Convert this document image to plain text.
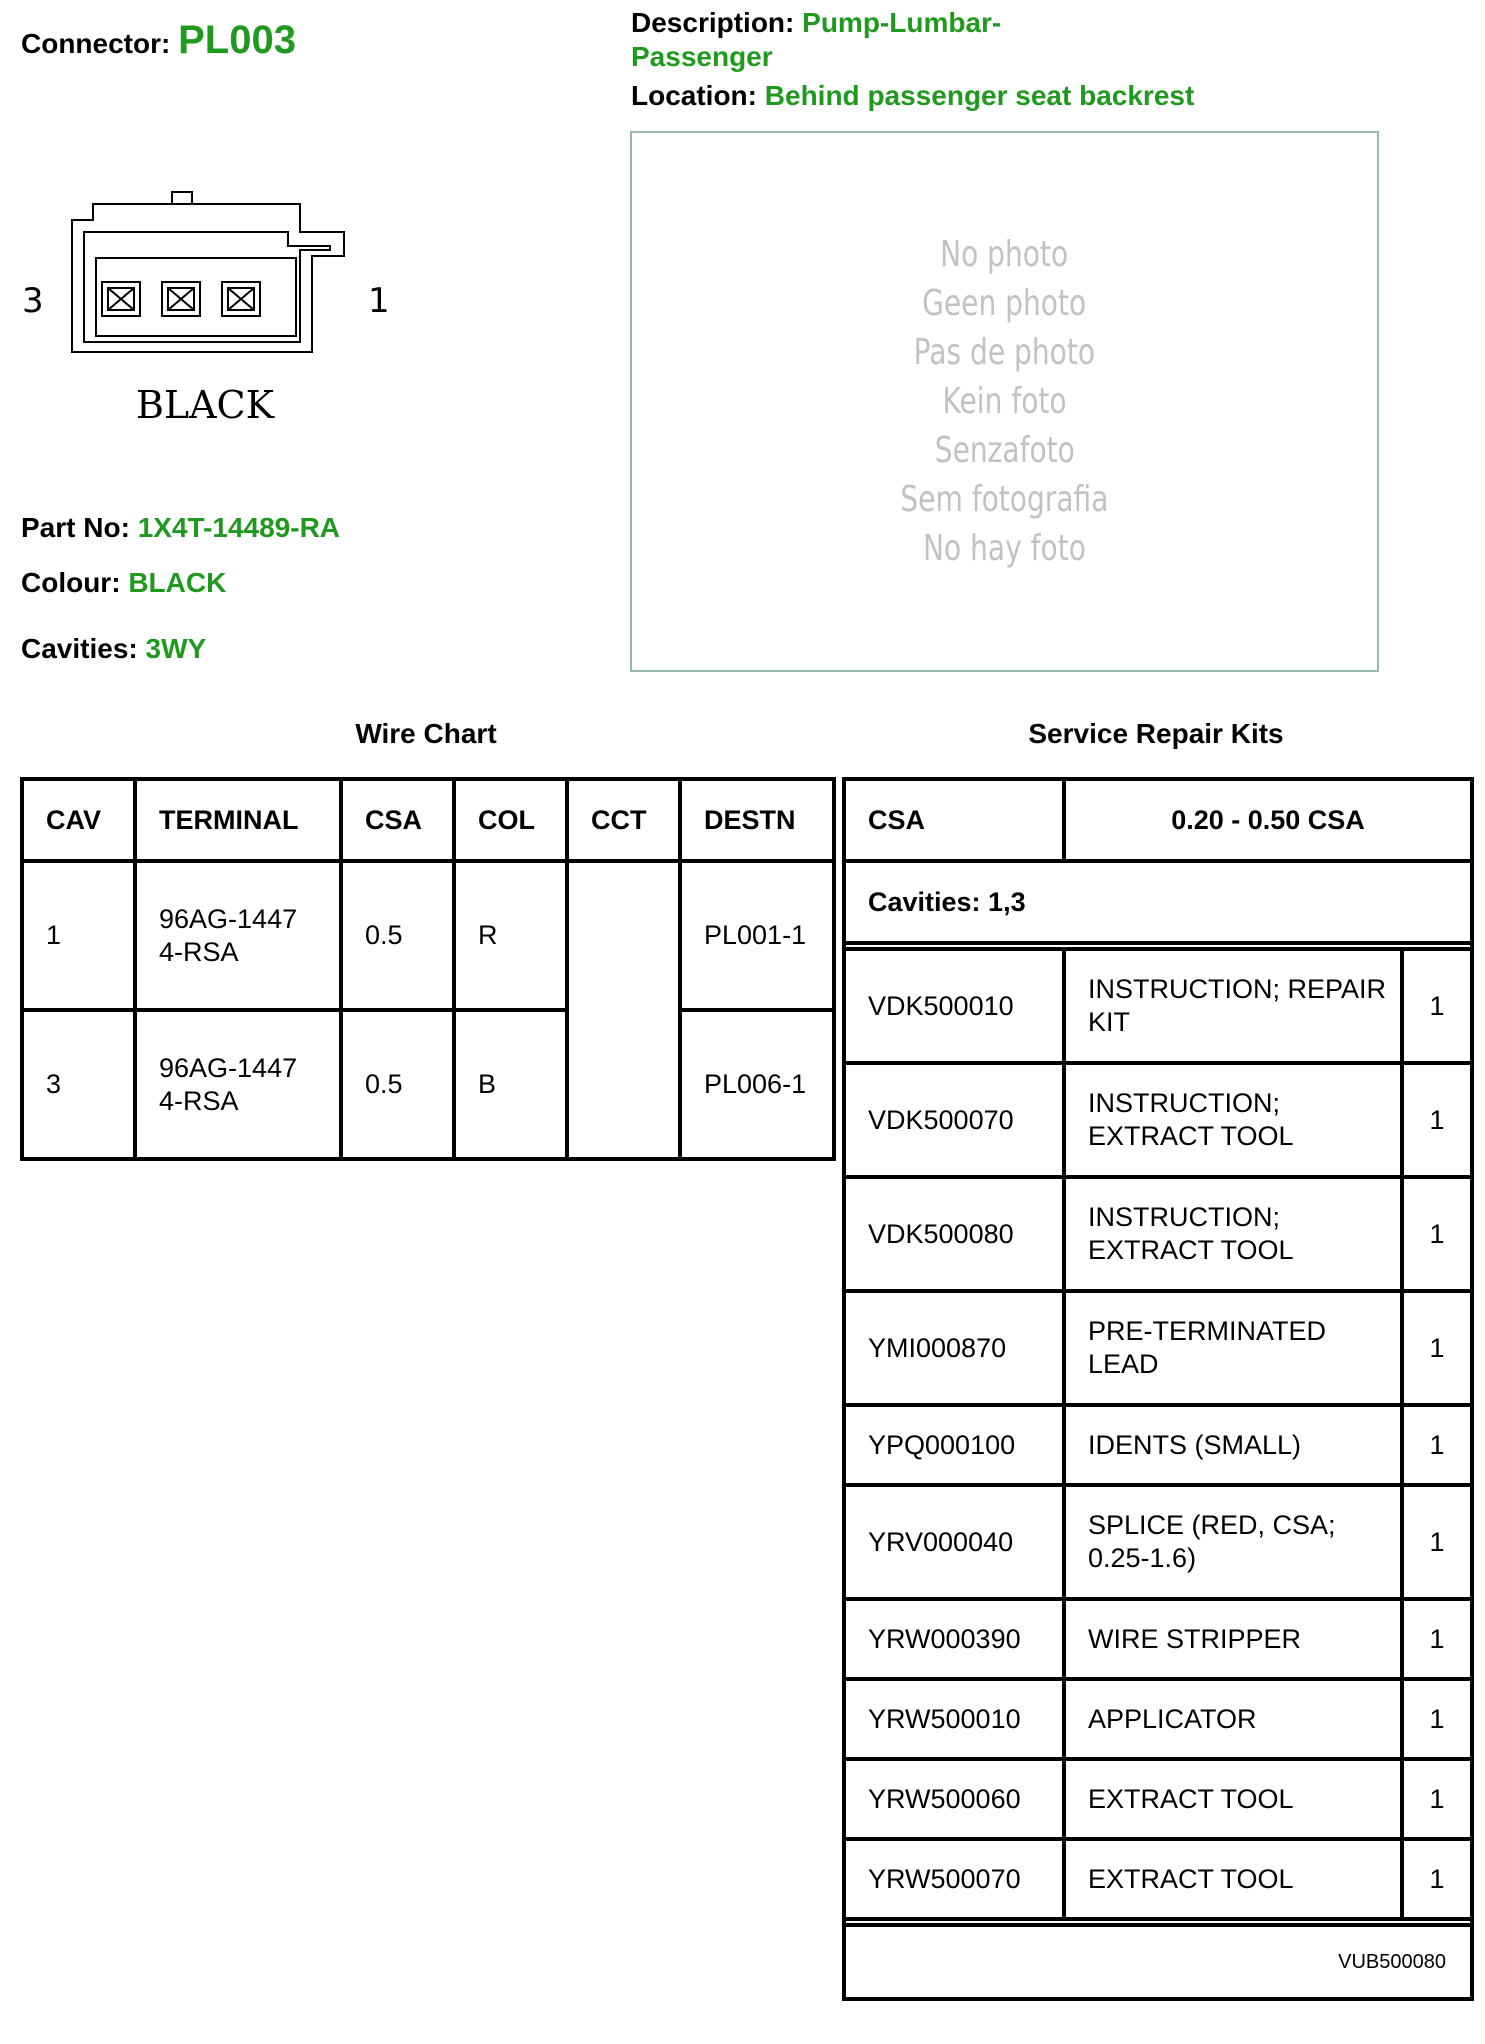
Connector: PL003	Description: Pump-Lumbar-Passenger
Location: Behind passenger seat backrest
3	1
BLACK
Part No: 1X4T-14489-RA
Colour: BLACK
Cavities: 3WY
No photo
Geen photo
Pas de photo
Kein foto
Senzafoto
Sem fotografia
No hay foto
Wire Chart	Service Repair Kits
CAV	TERMINAL	CSA	COL	CCT	DESTN
1	96AG-14474-RSA	0.5	R		PL001-1
3	96AG-14474-RSA	0.5	B		PL006-1
CSA	0.20 - 0.50 CSA	
Cavities: 1,3		

VDK500010	INSTRUCTION; REPAIR KIT	1
VDK500070	INSTRUCTION; EXTRACT TOOL	1
VDK500080	INSTRUCTION; EXTRACT TOOL	1
YMI000870	PRE-TERMINATED LEAD	1
YPQ000100	IDENTS (SMALL)	1
YRV000040	SPLICE (RED, CSA; 0.25-1.6)	1
YRW000390	WIRE STRIPPER	1
YRW500010	APPLICATOR	1
YRW500060	EXTRACT TOOL	1
YRW500070	EXTRACT TOOL	1

VUB500080		
